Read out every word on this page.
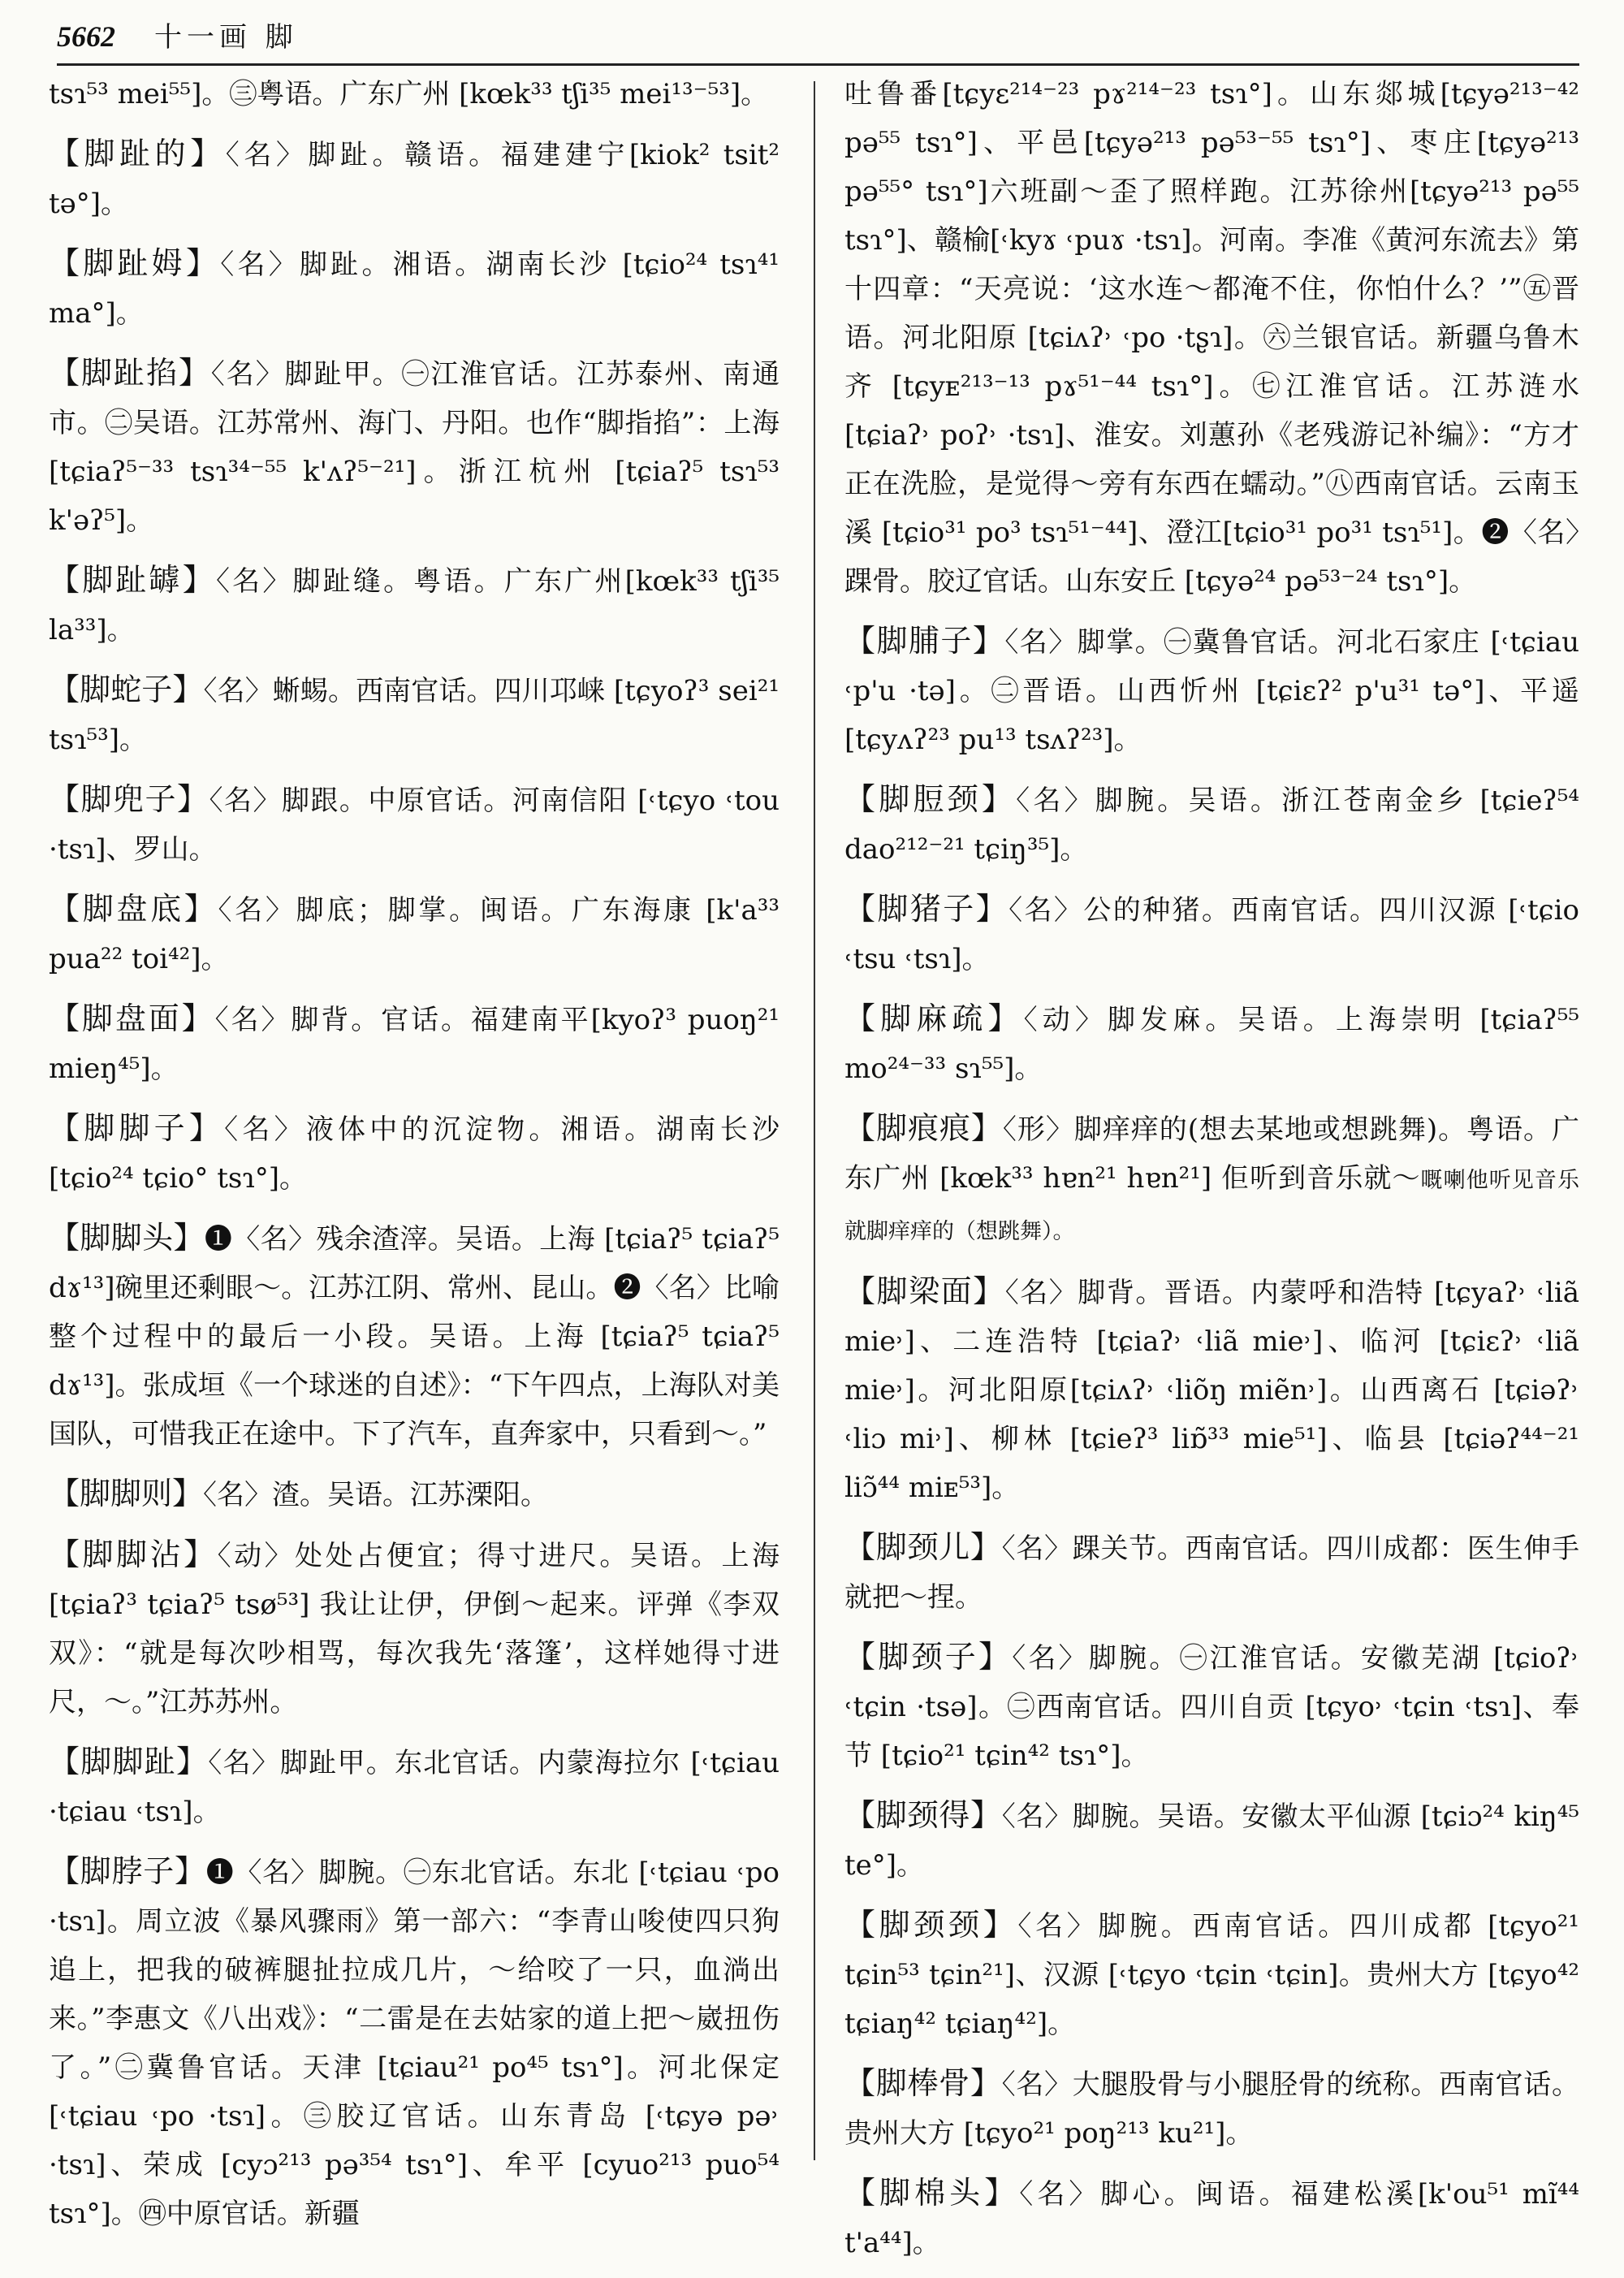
5662 十一画 脚

tsɿ⁵³ mei⁵⁵]。㊂粤语。广东广州 [kœk³³ tʃi³⁵ mei¹³⁻⁵³]。

【脚趾的】〈名〉脚趾。赣语。福建建宁[kiok² tsit² tə°]。

【脚趾姆】〈名〉脚趾。湘语。湖南长沙 [tɕio²⁴ tsɿ⁴¹ ma°]。

【脚趾掐】〈名〉脚趾甲。㊀江淮官话。江苏泰州、南通市。㊁吴语。江苏常州、海门、丹阳。也作“脚指掐”：上海[tɕiaʔ⁵⁻³³ tsɿ³⁴⁻⁵⁵ k'ʌʔ⁵⁻²¹]。浙江杭州 [tɕiaʔ⁵ tsɿ⁵³ k'əʔ⁵]。

【脚趾罅】〈名〉脚趾缝。粤语。广东广州[kœk³³ tʃi³⁵ la³³]。

【脚蛇子】〈名〉蜥蜴。西南官话。四川邛崃 [tɕyoʔ³ sei²¹ tsɿ⁵³]。

【脚兜子】〈名〉脚跟。中原官话。河南信阳 [˓tɕyo ˓tou ·tsɿ]、罗山。

【脚盘底】〈名〉脚底；脚掌。闽语。广东海康 [k'a³³ pua²² toi⁴²]。

【脚盘面】〈名〉脚背。官话。福建南平[kyoʔ³ puoŋ²¹ mieŋ⁴⁵]。

【脚脚子】〈名〉液体中的沉淀物。湘语。湖南长沙 [tɕio²⁴ tɕio° tsɿ°]。

【脚脚头】❶〈名〉残余渣滓。吴语。上海 [tɕiaʔ⁵ tɕiaʔ⁵ dɤ¹³]碗里还剩眼～。江苏江阴、常州、昆山。❷〈名〉比喻整个过程中的最后一小段。吴语。上海 [tɕiaʔ⁵ tɕiaʔ⁵ dɤ¹³]。张成垣《一个球迷的自述》：“下午四点，上海队对美国队，可惜我正在途中。下了汽车，直奔家中，只看到～。”

【脚脚则】〈名〉渣。吴语。江苏溧阳。

【脚脚沾】〈动〉处处占便宜；得寸进尺。吴语。上海 [tɕiaʔ³ tɕiaʔ⁵ tsø⁵³] 我让让伊，伊倒～起来。评弹《李双双》：“就是每次吵相骂，每次我先‘落篷’，这样她得寸进尺，～。”江苏苏州。

【脚脚趾】〈名〉脚趾甲。东北官话。内蒙海拉尔 [˓tɕiau ·tɕiau ˓tsɿ]。

【脚脖子】❶〈名〉脚腕。㊀东北官话。东北 [˓tɕiau ˓po ·tsɿ]。周立波《暴风骤雨》第一部六：“李青山唆使四只狗追上，把我的破裤腿扯拉成几片，～给咬了一只，血淌出来。”李惠文《八出戏》：“二雷是在去姑家的道上把～崴扭伤了。”㊁冀鲁官话。天津 [tɕiau²¹ po⁴⁵ tsɿ°]。河北保定 [˓tɕiau ˓po ·tsɿ]。㊂胶辽官话。山东青岛 [˓tɕyə pə˒ ·tsɿ]、荣成 [cyɔ²¹³ pə³⁵⁴ tsɿ°]、牟平 [cyuo²¹³ puo⁵⁴ tsɿ°]。㊃中原官话。新疆

吐鲁番[tɕyɛ²¹⁴⁻²³ pɤ²¹⁴⁻²³ tsɿ°]。山东郯城[tɕyə²¹³⁻⁴² pə⁵⁵ tsɿ°]、平邑[tɕyə²¹³ pə⁵³⁻⁵⁵ tsɿ°]、枣庄[tɕyə²¹³ pə⁵⁵° tsɿ°]六班副～歪了照样跑。江苏徐州[tɕyə²¹³ pə⁵⁵ tsɿ°]、赣榆[˓kyɤ ˓puɤ ·tsɿ]。河南。李准《黄河东流去》第十四章：“天亮说：‘这水连～都淹不住，你怕什么？’”㊄晋语。河北阳原 [tɕiʌʔ˒ ˓po ·tʂɿ]。㊅兰银官话。新疆乌鲁木齐 [tɕyᴇ²¹³⁻¹³ pɤ⁵¹⁻⁴⁴ tsɿ°]。㊆江淮官话。江苏涟水 [tɕiaʔ˒ poʔ˒ ·tsɿ]、淮安。刘蕙孙《老残游记补编》：“方才正在洗脸，是觉得～旁有东西在蠕动。”㊇西南官话。云南玉溪 [tɕio³¹ po³ tsɿ⁵¹⁻⁴⁴]、澄江[tɕio³¹ po³¹ tsɿ⁵¹]。❷〈名〉踝骨。胶辽官话。山东安丘 [tɕyə²⁴ pə⁵³⁻²⁴ tsɿ°]。

【脚脯子】〈名〉脚掌。㊀冀鲁官话。河北石家庄 [˓tɕiau ˓p'u ·tə]。㊁晋语。山西忻州 [tɕiɛʔ² p'u³¹ tə°]、平遥 [tɕyʌʔ²³ pu¹³ tsʌʔ²³]。

【脚脰颈】〈名〉脚腕。吴语。浙江苍南金乡 [tɕieʔ⁵⁴ dao²¹²⁻²¹ tɕiŋ³⁵]。

【脚猪子】〈名〉公的种猪。西南官话。四川汉源 [˓tɕio ˓tsu ˓tsɿ]。

【脚麻疏】〈动〉脚发麻。吴语。上海崇明 [tɕiaʔ⁵⁵ mo²⁴⁻³³ sɿ⁵⁵]。

【脚痕痕】〈形〉脚痒痒的(想去某地或想跳舞)。粤语。广东广州 [kœk³³ hɐn²¹ hɐn²¹] 佢听到音乐就～嘅喇他听见音乐就脚痒痒的（想跳舞）。

【脚梁面】〈名〉脚背。晋语。内蒙呼和浩特 [tɕyaʔ˒ ˓liã mie˒]、二连浩特 [tɕiaʔ˒ ˓liã mie˒]、临河 [tɕiɛʔ˒ ˓liã mie˒]。河北阳原[tɕiʌʔ˒ ˓liõŋ miẽn˒]。山西离石 [tɕiəʔ˒ ˓liɔ mi˒]、柳林 [tɕieʔ³ liɒ̃³³ mie⁵¹]、临县 [tɕiəʔ⁴⁴⁻²¹ liɔ̃⁴⁴ miᴇ⁵³]。

【脚颈儿】〈名〉踝关节。西南官话。四川成都：医生伸手就把～捏。

【脚颈子】〈名〉脚腕。㊀江淮官话。安徽芜湖 [tɕioʔ˒ ˓tɕin ·tsə]。㊁西南官话。四川自贡 [tɕyo˒ ˓tɕin ˓tsɿ]、奉节 [tɕio²¹ tɕin⁴² tsɿ°]。

【脚颈得】〈名〉脚腕。吴语。安徽太平仙源 [tɕiɔ²⁴ kiŋ⁴⁵ te°]。

【脚颈颈】〈名〉脚腕。西南官话。四川成都 [tɕyo²¹ tɕin⁵³ tɕin²¹]、汉源 [˓tɕyo ˓tɕin ˓tɕin]。贵州大方 [tɕyo⁴² tɕiaŋ⁴² tɕiaŋ⁴²]。

【脚棒骨】〈名〉大腿股骨与小腿胫骨的统称。西南官话。贵州大方 [tɕyo²¹ poŋ²¹³ ku²¹]。

【脚棉头】〈名〉脚心。闽语。福建松溪[k'ou⁵¹ mĩ⁴⁴ t'a⁴⁴]。
